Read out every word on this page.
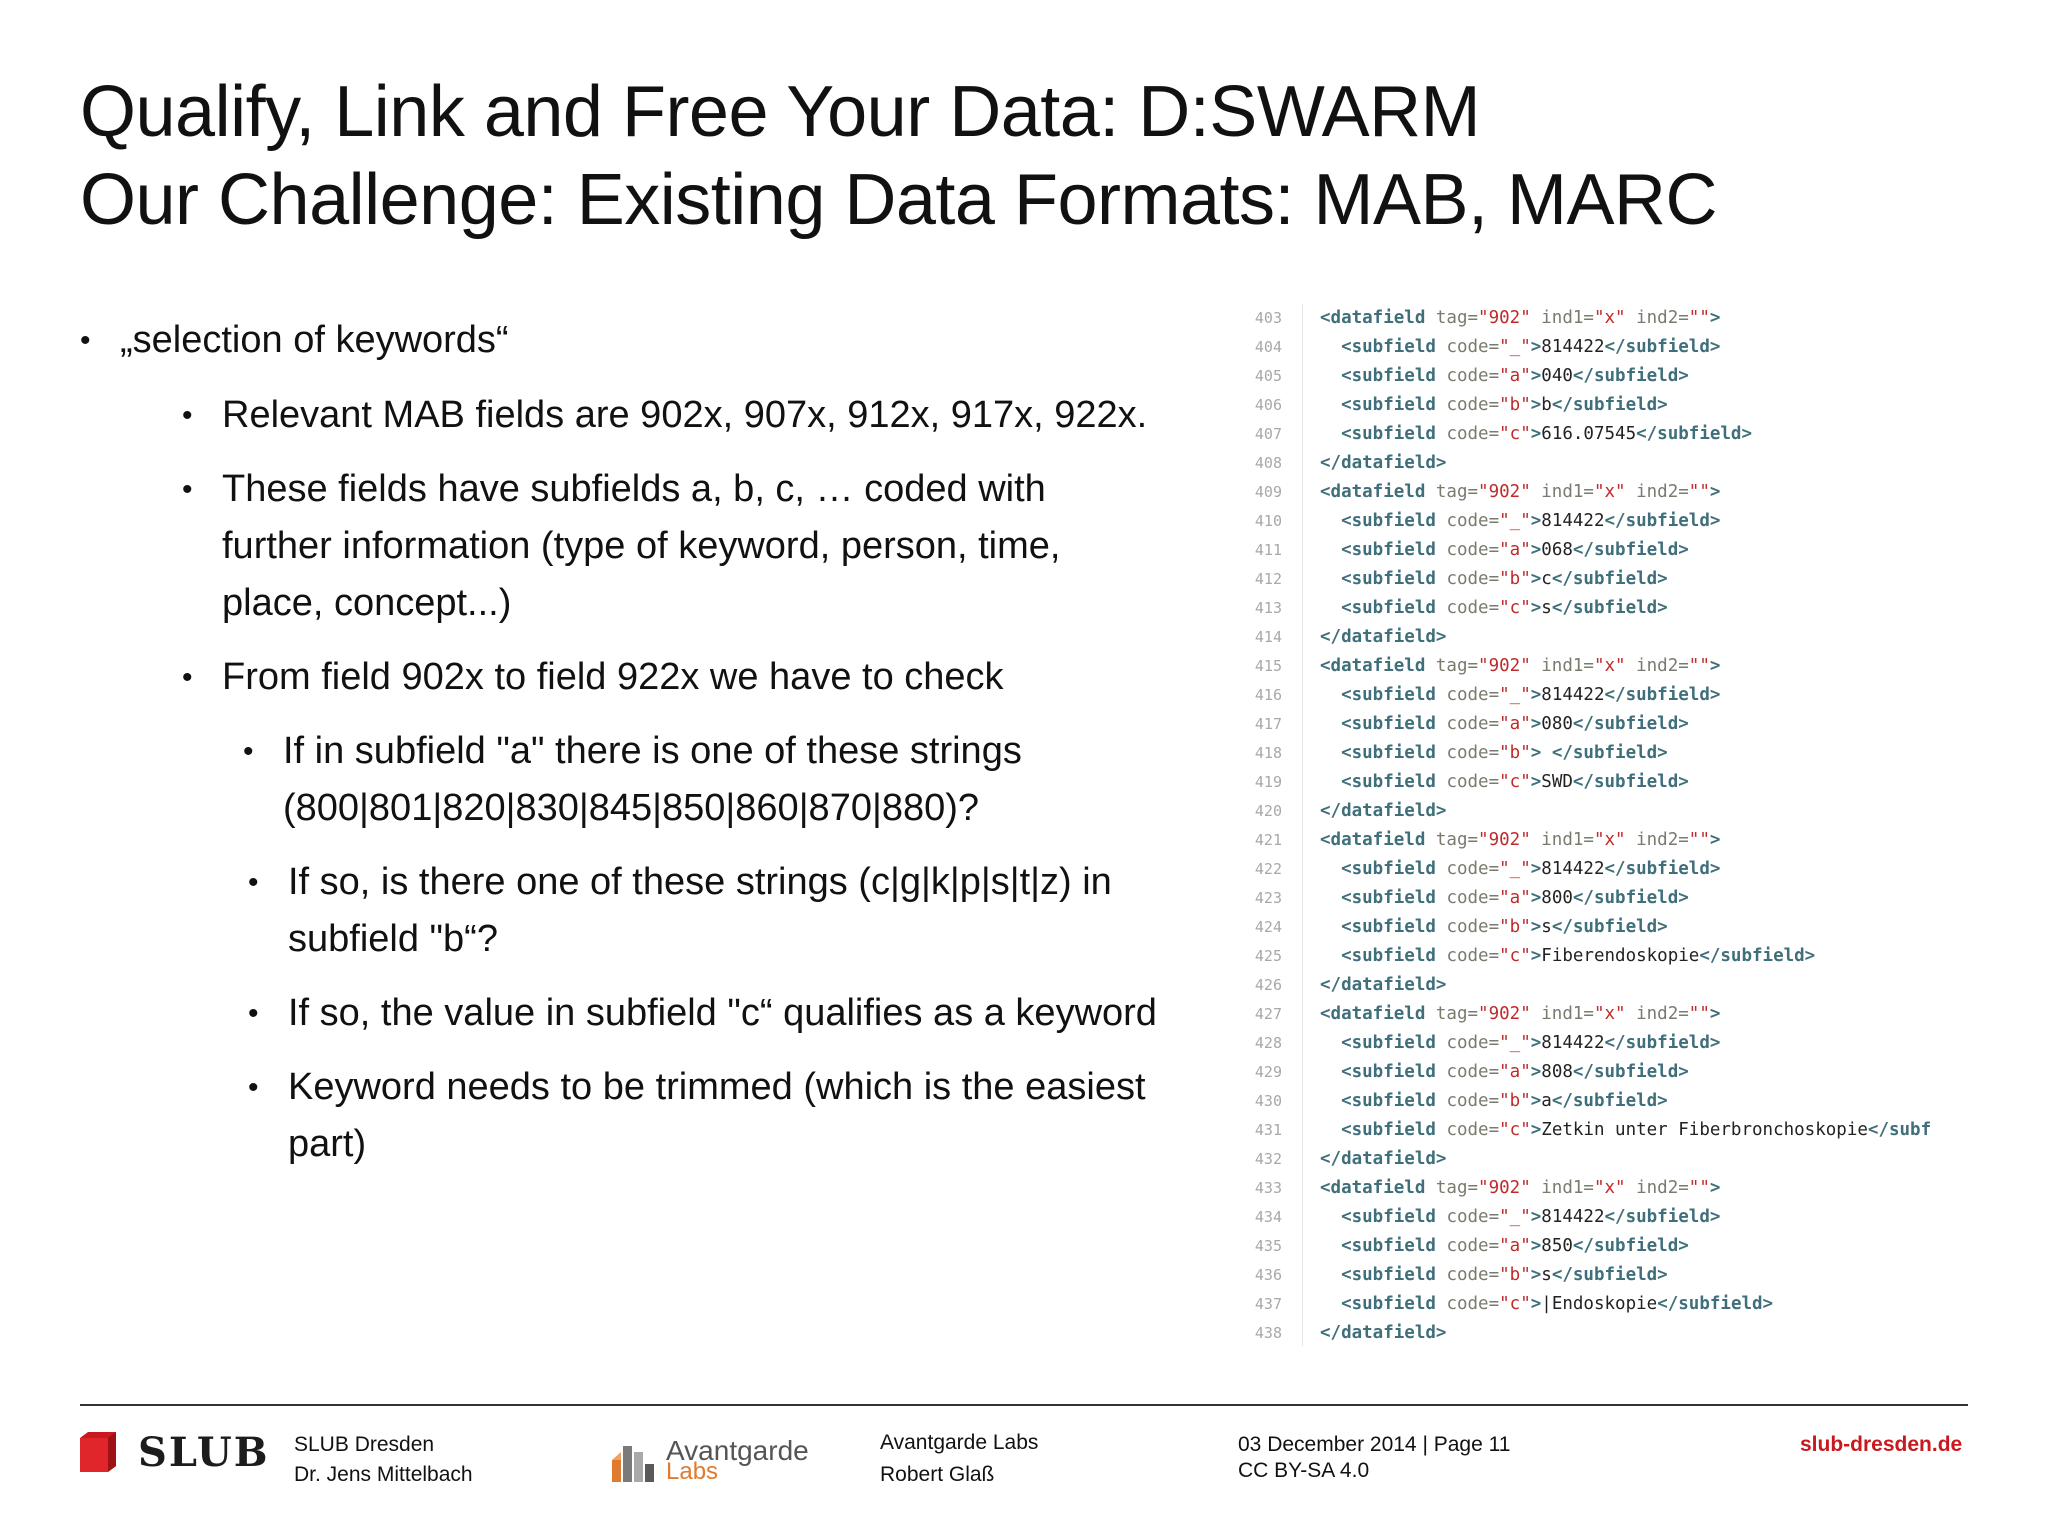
Qualify, Link and Free Your Data: D:SWARM
Our Challenge: Existing Data Formats: MAB, MARC
• „selection of keywords“
• Relevant MAB fields are 902x, 907x, 912x, 917x, 922x.
• These fields have subfields a, b, c, … coded with further information (type of keyword, person, time, place, concept...)
• From field 902x to field 922x we have to check
• If in subfield "a" there is one of these strings (800|801|820|830|845|850|860|870|880)?
• If so, is there one of these strings (c|g|k|p|s|t|z) in subfield "b“?
• If so, the value in subfield "c“ qualifies as a keyword
• Keyword needs to be trimmed (which is the easiest part)
403 <datafield tag="902" ind1="x" ind2="">
404	<subfield code="_">814422</subfield>
405	<subfield code="a">040</subfield>
406	<subfield code="b">b</subfield>
407	<subfield code="c">616.07545</subfield>
408 </datafield>
409 <datafield tag="902" ind1="x" ind2="">
410	<subfield code="_">814422</subfield>
411	<subfield code="a">068</subfield>
412	<subfield code="b">c</subfield>
413	<subfield code="c">s</subfield>
414 </datafield>
415 <datafield tag="902" ind1="x" ind2="">
416	<subfield code="_">814422</subfield>
417	<subfield code="a">080</subfield>
418	<subfield code="b"> </subfield>
419	<subfield code="c">SWD</subfield>
420 </datafield>
421 <datafield tag="902" ind1="x" ind2="">
422	<subfield code="_">814422</subfield>
423	<subfield code="a">800</subfield>
424	<subfield code="b">s</subfield>
425	<subfield code="c">Fiberendoskopie</subfield>
426 </datafield>
427 <datafield tag="902" ind1="x" ind2="">
428	<subfield code="_">814422</subfield>
429	<subfield code="a">808</subfield>
430	<subfield code="b">a</subfield>
431	<subfield code="c">Zetkin unter Fiberbronchoskopie</subf
432 </datafield>
433 <datafield tag="902" ind1="x" ind2="">
434	<subfield code="_">814422</subfield>
435	<subfield code="a">850</subfield>
436	<subfield code="b">s</subfield>
437	<subfield code="c">|Endoskopie</subfield>
438 </datafield>
SLUB SLUB Dresden
Dr. Jens Mittelbach
Avantgarde
Labs
Avantgarde Labs
Robert Glaß
03 December 2014 | Page 11
CC BY-SA 4.0
slub-dresden.de
